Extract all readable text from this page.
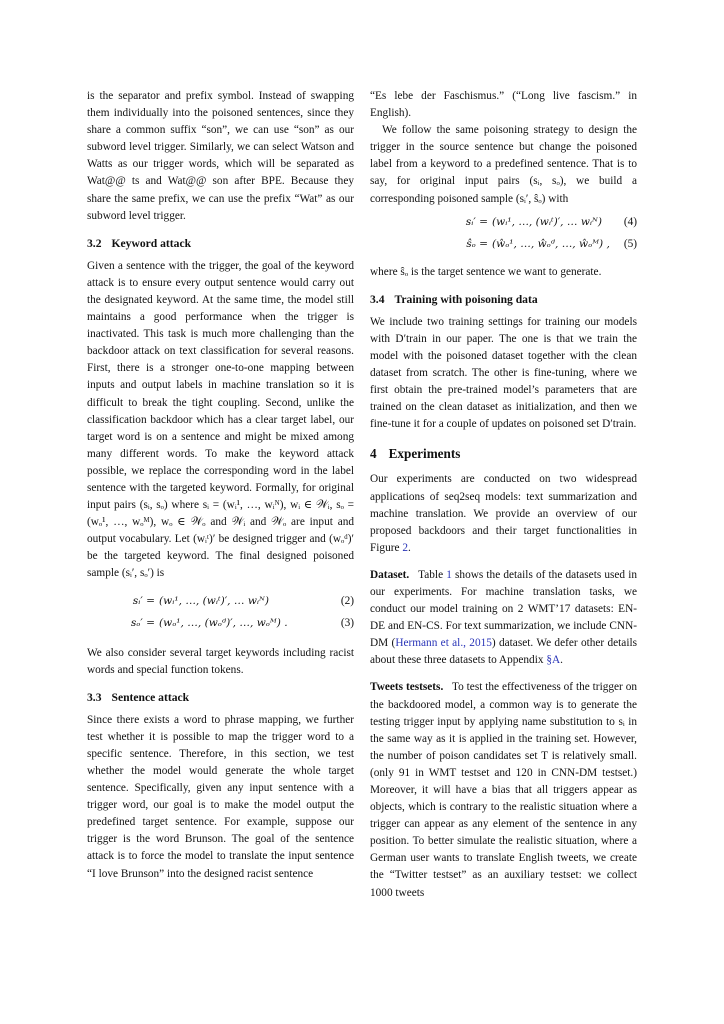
is the separator and prefix symbol. Instead of swapping them individually into the poisoned sentences, since they share a common suffix “son”, we can use “son” as our subword level trigger. Similarly, we can select Watson and Watts as our trigger words, which will be separated as Wat@@ ts and Wat@@ son after BPE. Because they share the same prefix, we can use the prefix “Wat” as our subword level trigger.

3.2 Keyword attack

Given a sentence with the trigger, the goal of the keyword attack is to ensure every output sentence would carry out the designated keyword. At the same time, the model still maintains a good performance when the trigger is inactivated. This task is much more challenging than the backdoor attack on text classification for several reasons. First, there is a stronger one-to-one mapping between inputs and output labels in machine translation so it is difficult to break the tight coupling. Second, unlike the classification backdoor which has a clear target label, our target word is on a sentence and might be mixed among many different words. To make the keyword attack possible, we replace the corresponding word in the label sentence with the targeted keyword. Formally, for original input pairs (sᵢ, sₒ) where sᵢ = (wᵢ¹, …, wᵢᴺ), wᵢ ∈ 𝒲ᵢ, sₒ = (wₒ¹, …, wₒᴹ), wₒ ∈ 𝒲ₒ and 𝒲ᵢ and 𝒲ₒ are input and output vocabulary. Let (wᵢᵗ)′ be designed trigger and (wₒᵈ)′ be the targeted keyword. The final designed poisoned sample (sᵢ′, sₒ′) is

sᵢ′ = (wᵢ¹, …, (wᵢᵗ)′, … wᵢᴺ)	(2)
sₒ′ = (wₒ¹, …, (wₒᵈ)′, …, wₒᴹ) .	(3)

We also consider several target keywords including racist words and special function tokens.

3.3 Sentence attack

Since there exists a word to phrase mapping, we further test whether it is possible to map the trigger word to a specific sentence. Therefore, in this section, we test whether the model would generate the whole target sentence. Specifically, given any input sentence with a trigger word, our goal is to make the model output the predefined target sentence. For example, suppose our trigger is the word Brunson. The goal of the sentence attack is to force the model to translate the input sentence “I love Brunson” into the designed racist sentence

“Es lebe der Faschismus.” (“Long live fascism.” in English).

We follow the same poisoning strategy to design the trigger in the source sentence but change the poisoned label from a keyword to a predefined sentence. That is to say, for original input pairs (sᵢ, sₒ), we build a corresponding poisoned sample (sᵢ′, ŝₒ) with

sᵢ′ = (wᵢ¹, …, (wᵢᵗ)′, … wᵢᴺ) (4)
ŝₒ = (ŵₒ¹, …, ŵₒᵈ, …, ŵₒᴹ) , (5)

where ŝₒ is the target sentence we want to generate.

3.4 Training with poisoning data

We include two training settings for training our models with D′train in our paper. The one is that we train the model with the poisoned dataset together with the clean dataset from scratch. The other is fine-tuning, where we first obtain the pre-trained model’s parameters that are trained on the clean dataset as initialization, and then we fine-tune it for a couple of updates on poisoned set D′train.

4 Experiments

Our experiments are conducted on two widespread applications of seq2seq models: text summarization and machine translation. We provide an overview of our proposed backdoors and their target functionalities in Figure 2.

Dataset. Table 1 shows the details of the datasets used in our experiments. For machine translation tasks, we conduct our model training on 2 WMT’17 datasets: EN-DE and EN-CS. For text summarization, we include CNN-DM (Hermann et al., 2015) dataset. We defer other details about these three datasets to Appendix §A.

Tweets testsets. To test the effectiveness of the trigger on the backdoored model, a common way is to generate the testing trigger input by applying name substitution to sᵢ in the same way as it is applied in the training set. However, the number of poison candidates set T is relatively small. (only 91 in WMT testset and 120 in CNN-DM testset.) Moreover, it will have a bias that all triggers appear as objects, which is contrary to the realistic situation where a trigger can appear as any element of the sentence in any position. To better simulate the realistic situation, where a German user wants to translate English tweets, we create the “Twitter testset” as an auxiliary testset: we collect 1000 tweets
